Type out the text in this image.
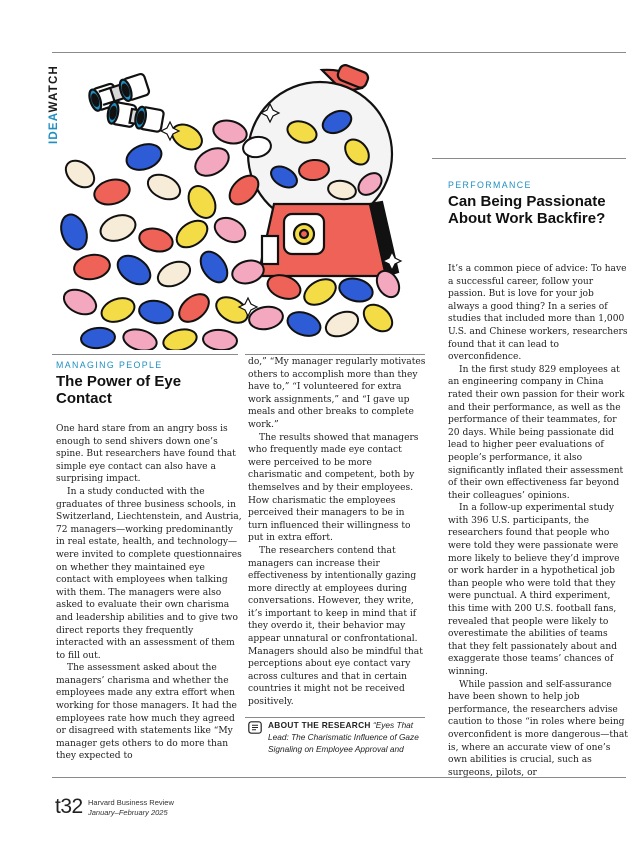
IDEAWATCH
MANAGING PEOPLE
The Power of Eye Contact

One hard stare from an angry boss is enough to send shivers down one’s spine. But researchers have found that simple eye contact can also have a surprising impact.

In a study conducted with the graduates of three business schools, in Switzerland, Liechtenstein, and Austria, 72 managers—working predominantly in real estate, health, and technology—were invited to complete questionnaires on whether they maintained eye contact with employees when talking with them. The managers were also asked to evaluate their own charisma and leadership abilities and to give two direct reports they frequently interacted with an assessment of them to fill out.

The assessment asked about the managers’ charisma and whether the employees made any extra effort when working for those managers. It had the employees rate how much they agreed or disagreed with statements like “My manager gets others to do more than they expected to

do,” “My manager regularly motivates others to accomplish more than they have to,” “I volunteered for extra work assignments,” and “I gave up meals and other breaks to complete work.”

The results showed that managers who frequently made eye contact were perceived to be more charismatic and competent, both by themselves and by their employees. How charismatic the employees perceived their managers to be in turn influenced their willingness to put in extra effort.

The researchers contend that managers can increase their effectiveness by intentionally gazing more directly at employees during conversations. However, they write, it’s important to keep in mind that if they overdo it, their behavior may appear unnatural or confrontational. Managers should also be mindful that perceptions about eye contact vary across cultures and that in certain countries it might not be received positively.

ABOUT THE RESEARCH “Eyes That Lead: The Charismatic Influence of Gaze Signaling on Employee Approval and
PERFORMANCE
Can Being Passionate About Work Backfire?

It’s a common piece of advice: To have a successful career, follow your passion. But is love for your job always a good thing? In a series of studies that included more than 1,000 U.S. and Chinese workers, researchers found that it can lead to overconfidence.

In the first study 829 employees at an engineering company in China rated their own passion for their work and their performance, as well as the performance of their teammates, for 20 days. While being passionate did lead to higher peer evaluations of people’s performance, it also significantly inflated their assessment of their own effectiveness far beyond their colleagues’ opinions.

In a follow-up experimental study with 396 U.S. participants, the researchers found that people who were told they were passionate were more likely to believe they’d improve or work harder in a hypothetical job than people who were told that they were punctual. A third experiment, this time with 200 U.S. football fans, revealed that people were likely to overestimate the abilities of teams that they felt passionately about and exaggerate those teams’ chances of winning.

While passion and self-assurance have been shown to help job performance, the researchers advise caution to those “in roles where being overconfident is more dangerous—that is, where an accurate view of one’s own abilities is crucial, such as surgeons, pilots, or

t32 Harvard Business Review
January–February 2025
